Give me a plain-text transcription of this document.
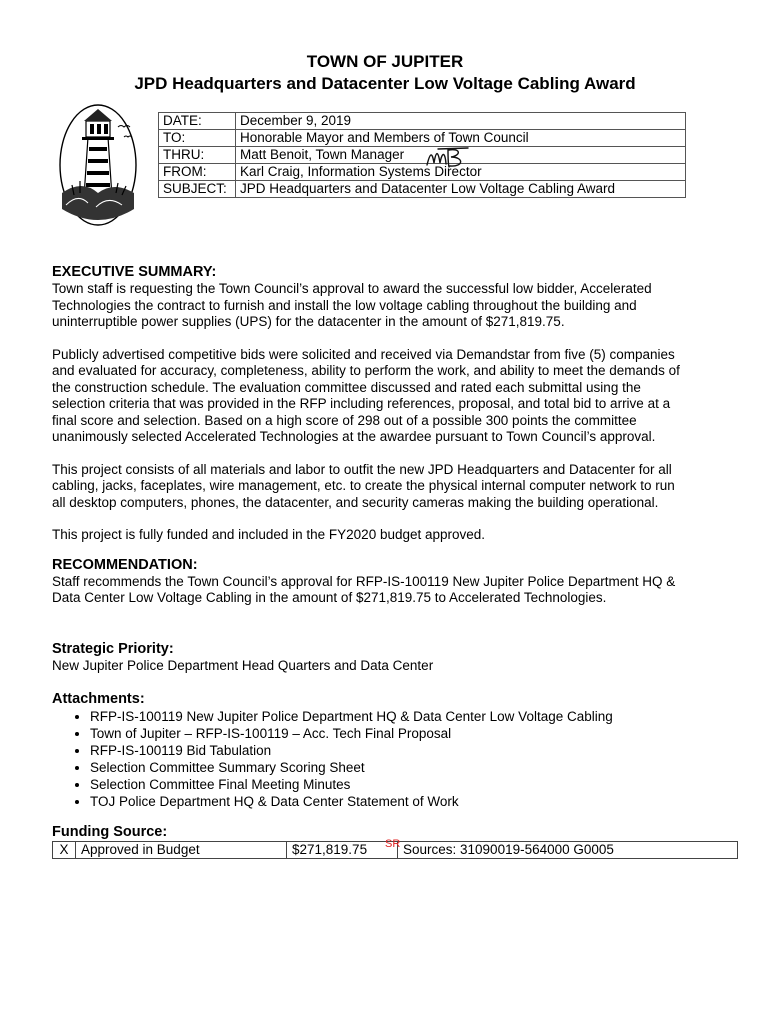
TOWN OF JUPITER
JPD Headquarters and Datacenter Low Voltage Cabling Award
DATE:	December 9, 2019
TO:	Honorable Mayor and Members of Town Council
THRU:	Matt Benoit, Town Manager
FROM:	Karl Craig, Information Systems Director
SUBJECT:	JPD Headquarters and Datacenter Low Voltage Cabling Award
EXECUTIVE SUMMARY:

Town staff is requesting the Town Council’s approval to award the successful low bidder, Accelerated Technologies the contract to furnish and install the low voltage cabling throughout the building and uninterruptible power supplies (UPS) for the datacenter in the amount of $271,819.75.

Publicly advertised competitive bids were solicited and received via Demandstar from five (5) companies and evaluated for accuracy, completeness, ability to perform the work, and ability to meet the demands of the construction schedule. The evaluation committee discussed and rated each submittal using the selection criteria that was provided in the RFP including references, proposal, and total bid to arrive at a final score and selection. Based on a high score of 298 out of a possible 300 points the committee unanimously selected Accelerated Technologies at the awardee pursuant to Town Council’s approval.

This project consists of all materials and labor to outfit the new JPD Headquarters and Datacenter for all cabling, jacks, faceplates, wire management, etc. to create the physical internal computer network to run all desktop computers, phones, the datacenter, and security cameras making the building operational.

This project is fully funded and included in the FY2020 budget approved.

RECOMMENDATION:

Staff recommends the Town Council’s approval for RFP-IS-100119 New Jupiter Police Department HQ & Data Center Low Voltage Cabling in the amount of $271,819.75 to Accelerated Technologies.

Strategic Priority:

New Jupiter Police Department Head Quarters and Data Center

Attachments:
• RFP-IS-100119 New Jupiter Police Department HQ & Data Center Low Voltage Cabling
• Town of Jupiter – RFP-IS-100119 – Acc. Tech Final Proposal
• RFP-IS-100119 Bid Tabulation
• Selection Committee Summary Scoring Sheet
• Selection Committee Final Meeting Minutes
• TOJ Police Department HQ & Data Center Statement of Work
Funding Source:
SR
X	Approved in Budget	$271,819.75	Sources: 31090019-564000 G0005
